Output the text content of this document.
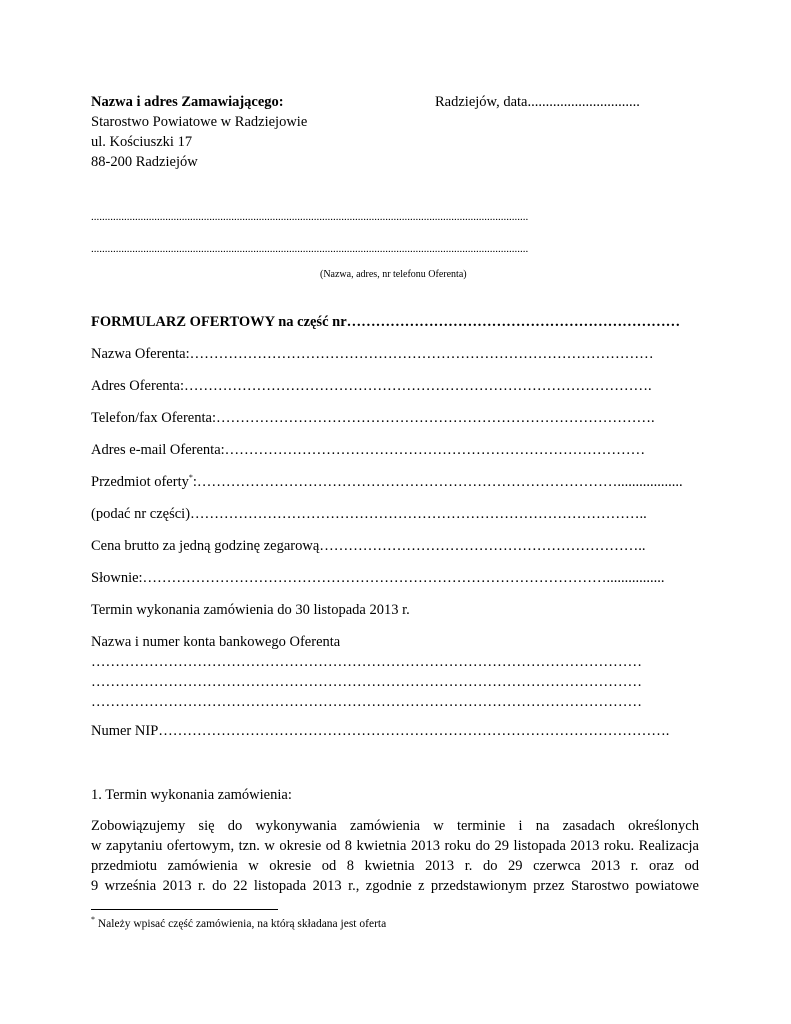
Nazwa i adres Zamawiającego:	Radziejów, data...............................
Starostwo Powiatowe w Radziejowie
ul. Kościuszki 17
88-200 Radziejów
...............................................................................................................................................................
...............................................................................................................................................................
(Nazwa, adres, nr telefonu Oferenta)
FORMULARZ OFERTOWY na część nr……………………………………………………………
Nazwa Oferenta:……………………………………………………………………………………
Adres Oferenta:…………………………………………………………………………………….
Telefon/fax Oferenta:……………………………………………………………………………….
Adres e-mail Oferenta:……………………………………………………………………………
Przedmiot oferty*:……………………………………………………………………………..................
(podać nr części)…………………………………………………………………………………..
Cena brutto za jedną godzinę zegarową…………………………………………………………..
Słownie:……………………………………………………………………………………................
Termin wykonania zamówienia do 30 listopada 2013 r.
Nazwa i numer konta bankowego Oferenta
……………………………………………………………………………………………………
……………………………………………………………………………………………………
……………………………………………………………………………………………………
Numer NIP…………………………………………………………………………………………….
1. Termin wykonania zamówienia:
Zobowiązujemy się do wykonywania zamówienia w terminie i na zasadach określonych
w zapytaniu ofertowym, tzn. w okresie od 8 kwietnia 2013 roku do 29 listopada 2013 roku. Realizacja
przedmiotu zamówienia w okresie od 8 kwietnia 2013 r. do 29 czerwca 2013 r. oraz od
9 września 2013 r. do 22 listopada 2013 r., zgodnie z przedstawionym przez Starostwo powiatowe
* Należy wpisać część zamówienia, na którą składana jest oferta
